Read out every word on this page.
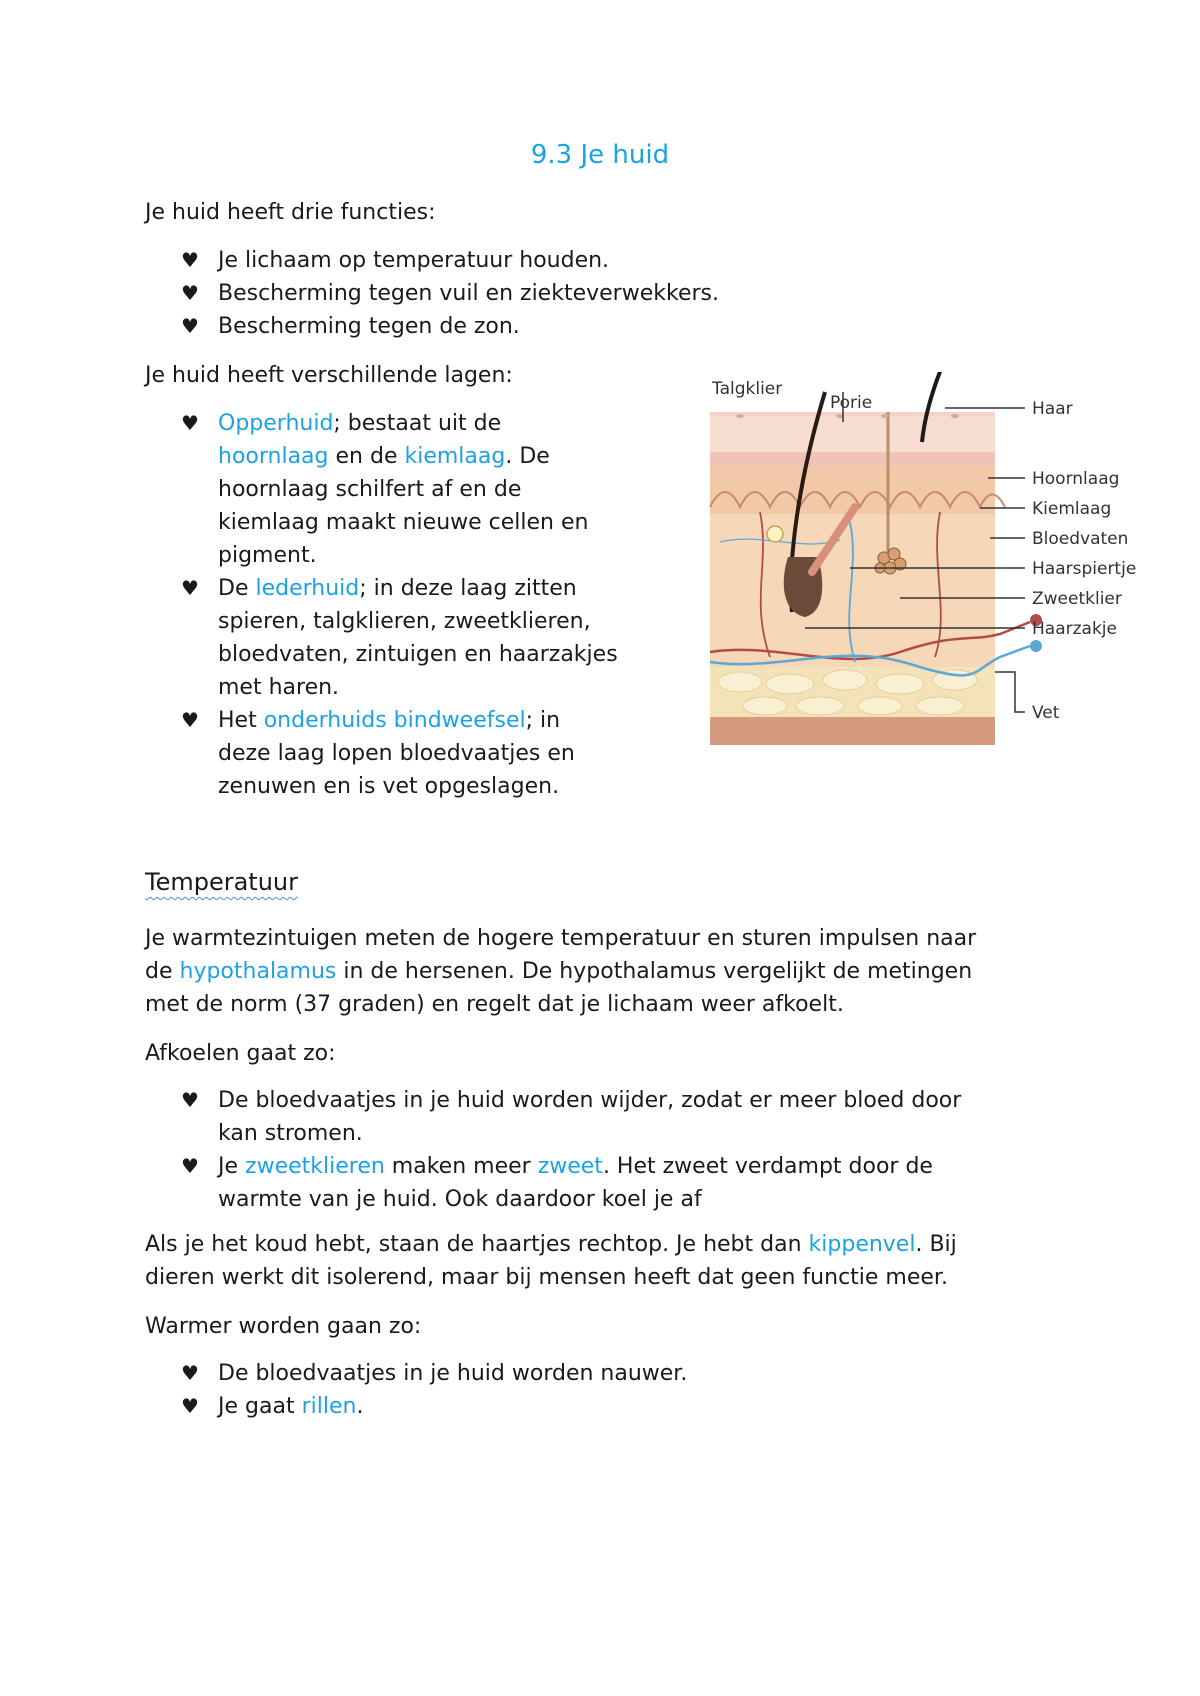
9.3 Je huid

Je huid heeft drie functies:

♥ Je lichaam op temperatuur houden.
♥ Bescherming tegen vuil en ziekteverwekkers.
♥ Bescherming tegen de zon.

Je huid heeft verschillende lagen:

♥ Opperhuid; bestaat uit de
hoornlaag en de kiemlaag. De
hoornlaag schilfert af en de
kiemlaag maakt nieuwe cellen en
pigment.
♥ De lederhuid; in deze laag zitten
spieren, talgklieren, zweetklieren,
bloedvaten, zintuigen en haarzakjes
met haren.
♥ Het onderhuids bindweefsel; in
deze laag lopen bloedvaatjes en
zenuwen en is vet opgeslagen.
Talgklier
Porie	Haar
Hoornlaag
Kiemlaag
Bloedvaten
Haarspiertje
Zweetklier
Haarzakje
Vet
Temperatuur

Je warmtezintuigen meten de hogere temperatuur en sturen impulsen naar
de hypothalamus in de hersenen. De hypothalamus vergelijkt de metingen
met de norm (37 graden) en regelt dat je lichaam weer afkoelt.

Afkoelen gaat zo:

♥ De bloedvaatjes in je huid worden wijder, zodat er meer bloed door
kan stromen.
♥ Je zweetklieren maken meer zweet. Het zweet verdampt door de
warmte van je huid. Ook daardoor koel je af

Als je het koud hebt, staan de haartjes rechtop. Je hebt dan kippenvel. Bij
dieren werkt dit isolerend, maar bij mensen heeft dat geen functie meer.

Warmer worden gaan zo:

♥ De bloedvaatjes in je huid worden nauwer.
♥ Je gaat rillen.
